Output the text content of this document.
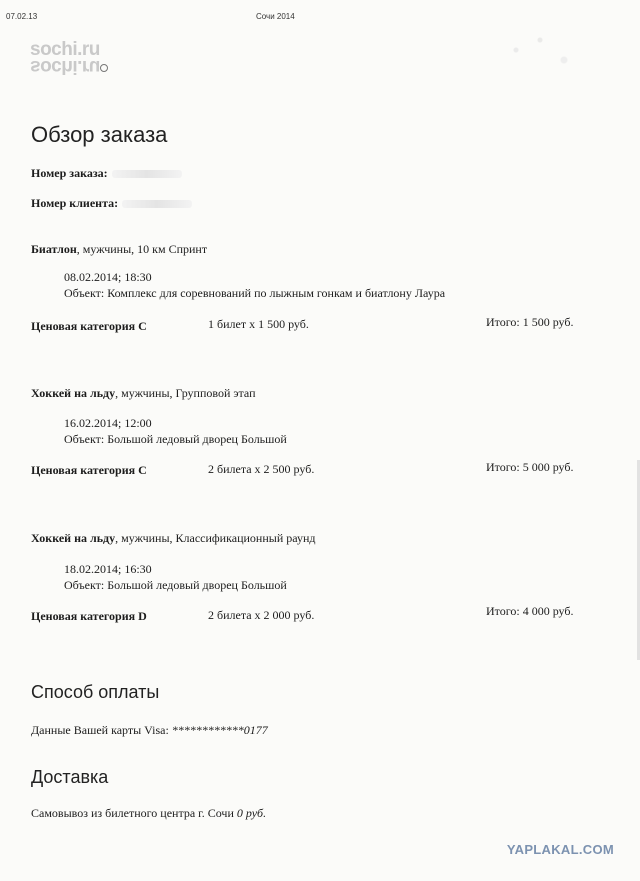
07.02.13	Сочи 2014
sochi.ru
sochi.ru
Обзор заказа
Номер заказа:
Номер клиента:
Биатлон, мужчины, 10 км Спринт
08.02.2014; 18:30
Объект: Комплекс для соревнований по лыжным гонкам и биатлону Лаура
Ценовая категория C	1 билет x 1 500 руб.	Итого: 1 500 руб.
Хоккей на льду, мужчины, Групповой этап
16.02.2014; 12:00
Объект: Большой ледовый дворец Большой
Ценовая категория C	2 билета x 2 500 руб.	Итого: 5 000 руб.
Хоккей на льду, мужчины, Классификационный раунд
18.02.2014; 16:30
Объект: Большой ледовый дворец Большой
Ценовая категория D	2 билета x 2 000 руб.	Итого: 4 000 руб.
Способ оплаты
Данные Вашей карты Visa: ************0177
Доставка
Самовывоз из билетного центра г. Сочи 0 руб.
YAPLAKAL.COM
